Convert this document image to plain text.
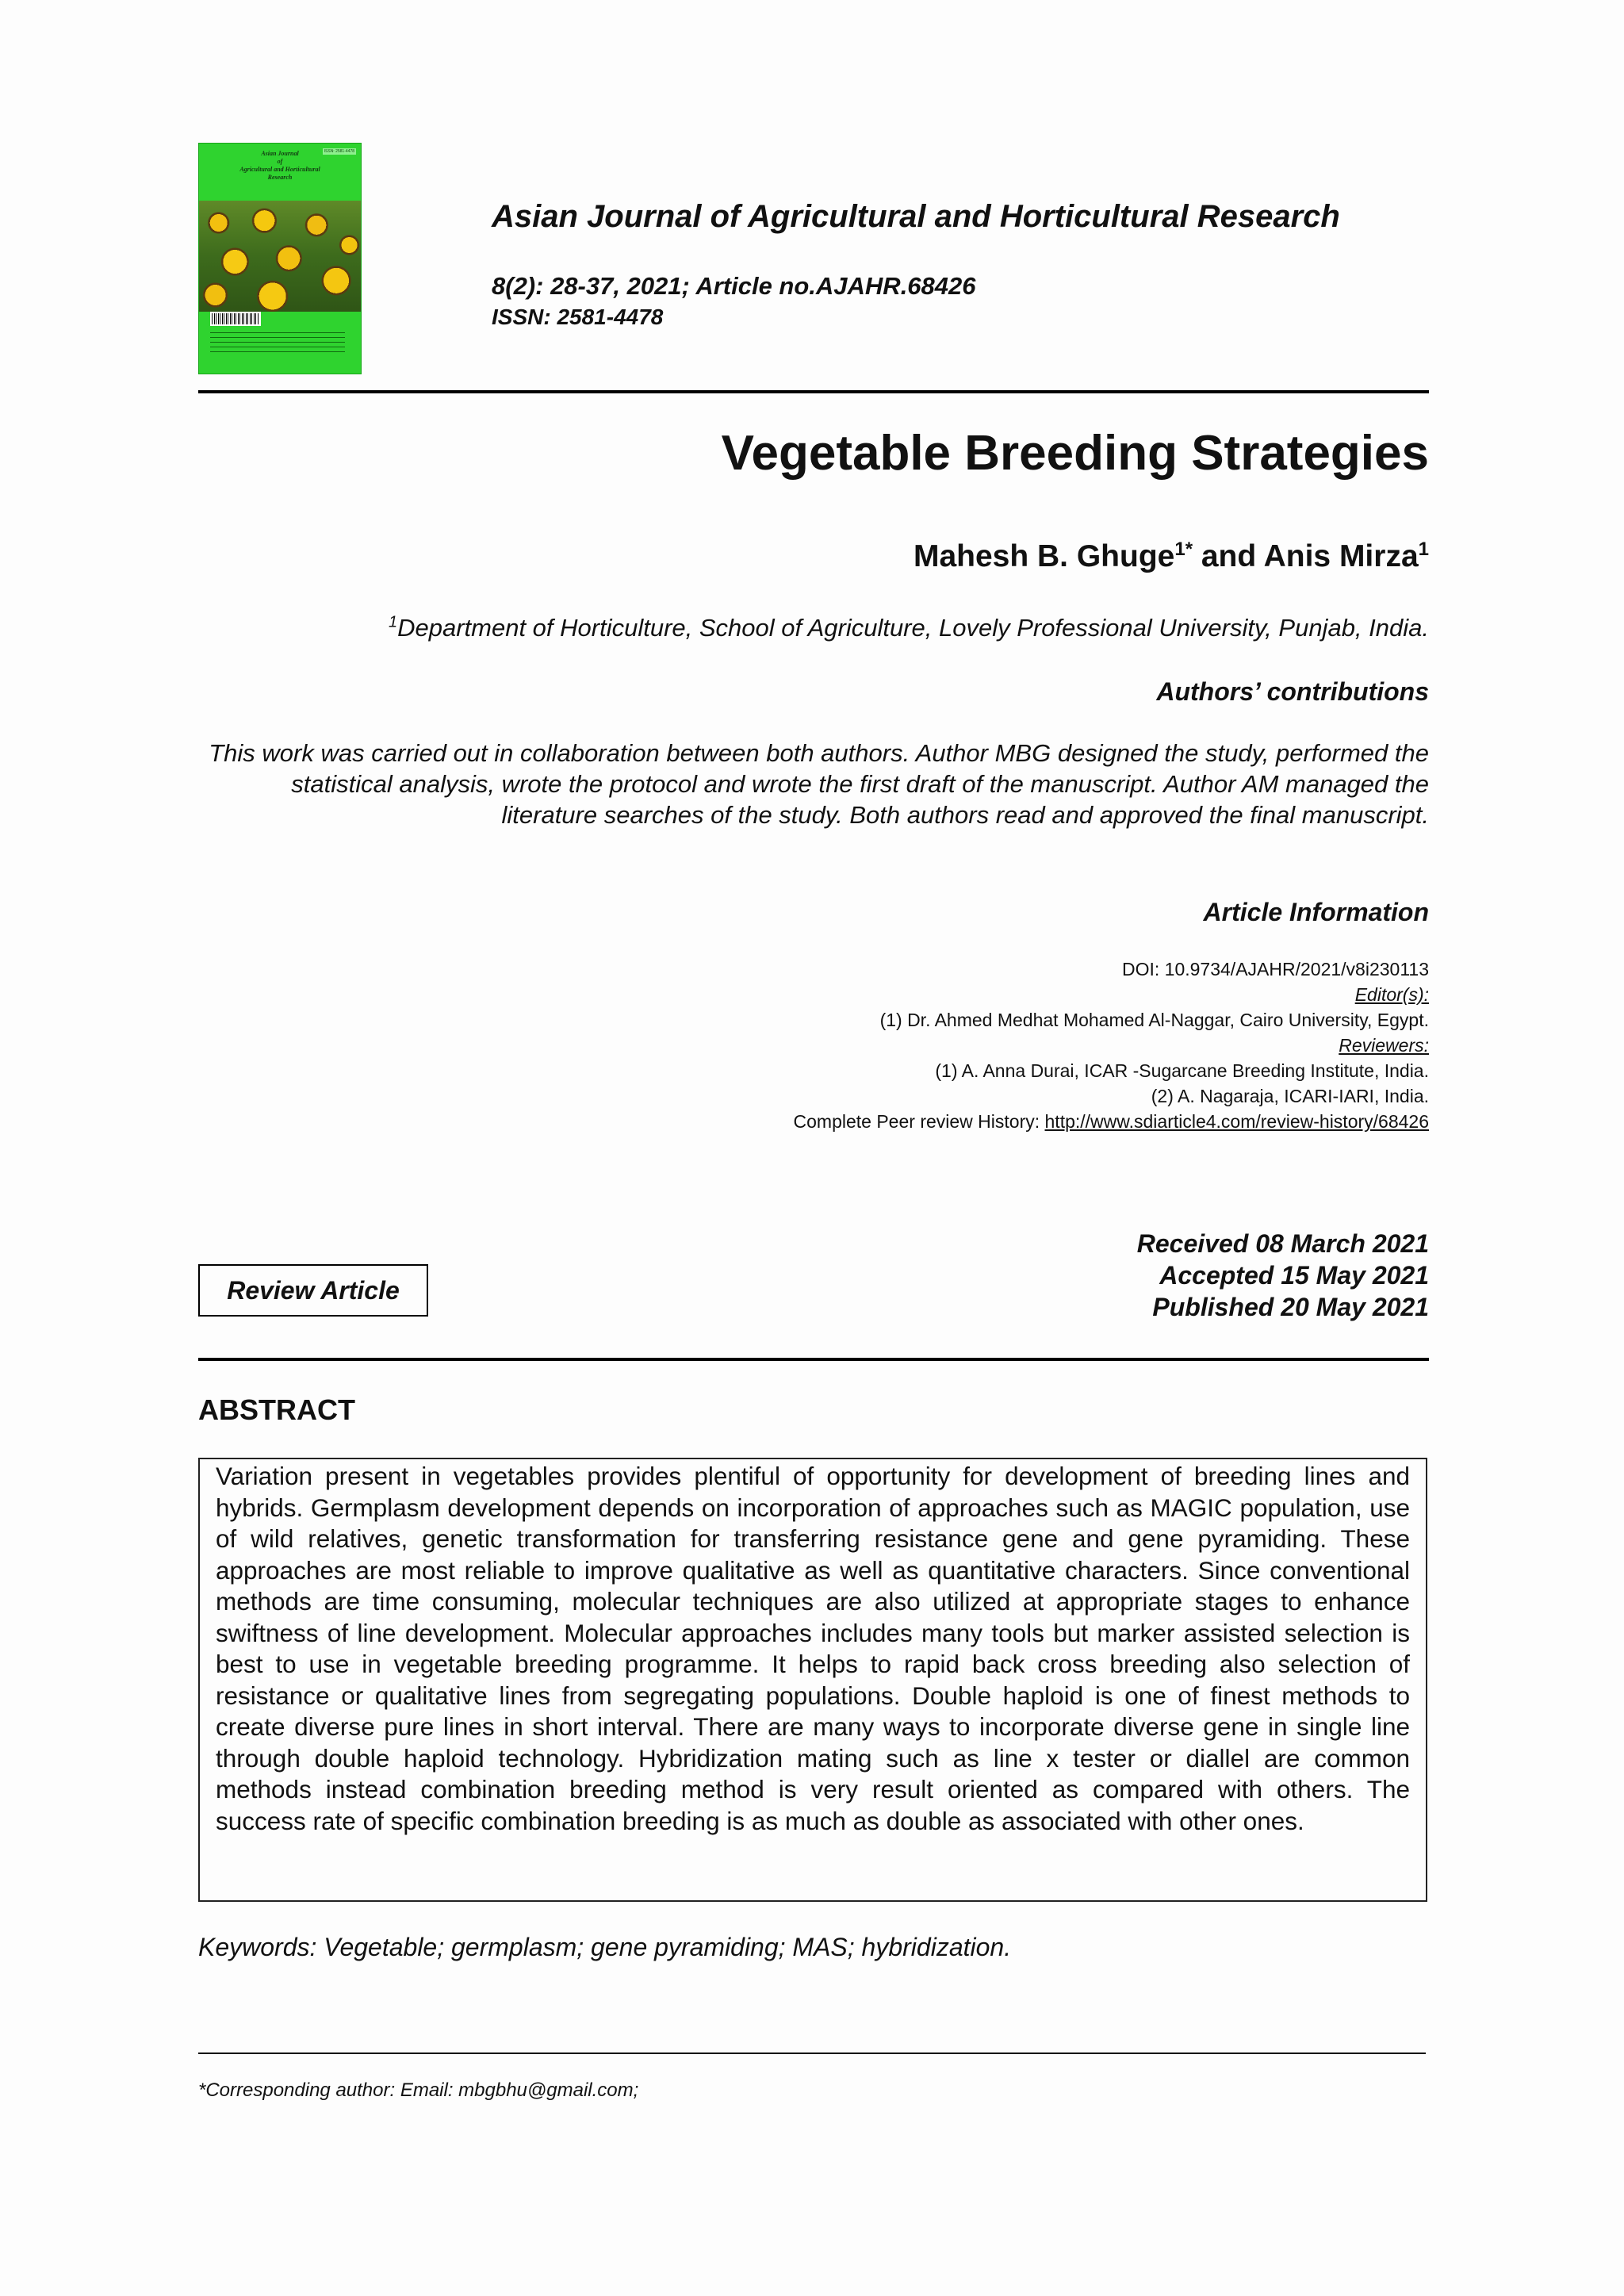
ISSN: 2581-4478
Asian Journal
of
Agricultural and Horticultural
Research
Asian Journal of Agricultural and Horticultural Research
8(2): 28-37, 2021; Article no.AJAHR.68426
ISSN: 2581-4478
Vegetable Breeding Strategies
Mahesh B. Ghuge$^{1*}$ and Anis Mirza$^1$
$^1$Department of Horticulture, School of Agriculture, Lovely Professional University, Punjab, India.
Authors’ contributions
This work was carried out in collaboration between both authors. Author MBG designed the study, performed the statistical analysis, wrote the protocol and wrote the first draft of the manuscript. Author AM managed the literature searches of the study. Both authors read and approved the final manuscript.
Article Information
DOI: 10.9734/AJAHR/2021/v8i230113
Editor(s):
(1) Dr. Ahmed Medhat Mohamed Al-Naggar, Cairo University, Egypt.
Reviewers:
(1) A. Anna Durai, ICAR -Sugarcane Breeding Institute, India.
(2) A. Nagaraja, ICARI-IARI, India.
Complete Peer review History: http://www.sdiarticle4.com/review-history/68426
Review Article
Received 08 March 2021
Accepted 15 May 2021
Published 20 May 2021
ABSTRACT
Variation present in vegetables provides plentiful of opportunity for development of breeding lines and hybrids. Germplasm development depends on incorporation of approaches such as MAGIC population, use of wild relatives, genetic transformation for transferring resistance gene and gene pyramiding. These approaches are most reliable to improve qualitative as well as quantitative characters. Since conventional methods are time consuming, molecular techniques are also utilized at appropriate stages to enhance swiftness of line development. Molecular approaches includes many tools but marker assisted selection is best to use in vegetable breeding programme. It helps to rapid back cross breeding also selection of resistance or qualitative lines from segregating populations. Double haploid is one of finest methods to create diverse pure lines in short interval. There are many ways to incorporate diverse gene in single line through double haploid technology. Hybridization mating such as line x tester or diallel are common methods instead combination breeding method is very result oriented as compared with others. The success rate of specific combination breeding is as much as double as associated with other ones.
Keywords: Vegetable; germplasm; gene pyramiding; MAS; hybridization.
*Corresponding author: Email: mbgbhu@gmail.com;
